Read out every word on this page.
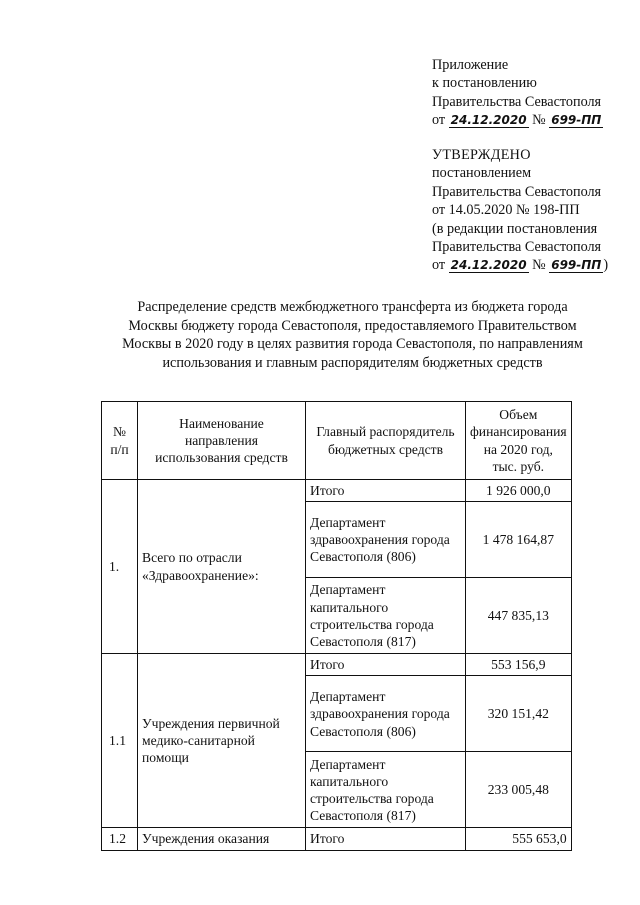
Приложение
к постановлению
Правительства Севастополя
от 24.12.2020 № 699-ПП
УТВЕРЖДЕНО
постановлением
Правительства Севастополя
от 14.05.2020 № 198-ПП
(в редакции постановления
Правительства Севастополя
от 24.12.2020 № 699-ПП )
Распределение средств межбюджетного трансферта из бюджета города
Москвы бюджету города Севастополя, предоставляемого Правительством
Москвы в 2020 году в целях развития города Севастополя, по направлениям
использования и главным распорядителям бюджетных средств
№
п/п	Наименование направления использования средств	Главный распорядитель бюджетных средств	Объем финансирования на 2020 год, тыс. руб.
1.	Всего по отрасли «Здравоохранение»:	Итого	1 926 000,0
		Департамент здравоохранения города Севастополя (806)	1 478 164,87
		Департамент капитального строительства города Севастополя (817)	447 835,13
1.1	Учреждения первичной медико-санитарной помощи	Итого	553 156,9
		Департамент здравоохранения города Севастополя (806)	320 151,42
		Департамент капитального строительства города Севастополя (817)	233 005,48
1.2	Учреждения оказания	Итого	555 653,0
